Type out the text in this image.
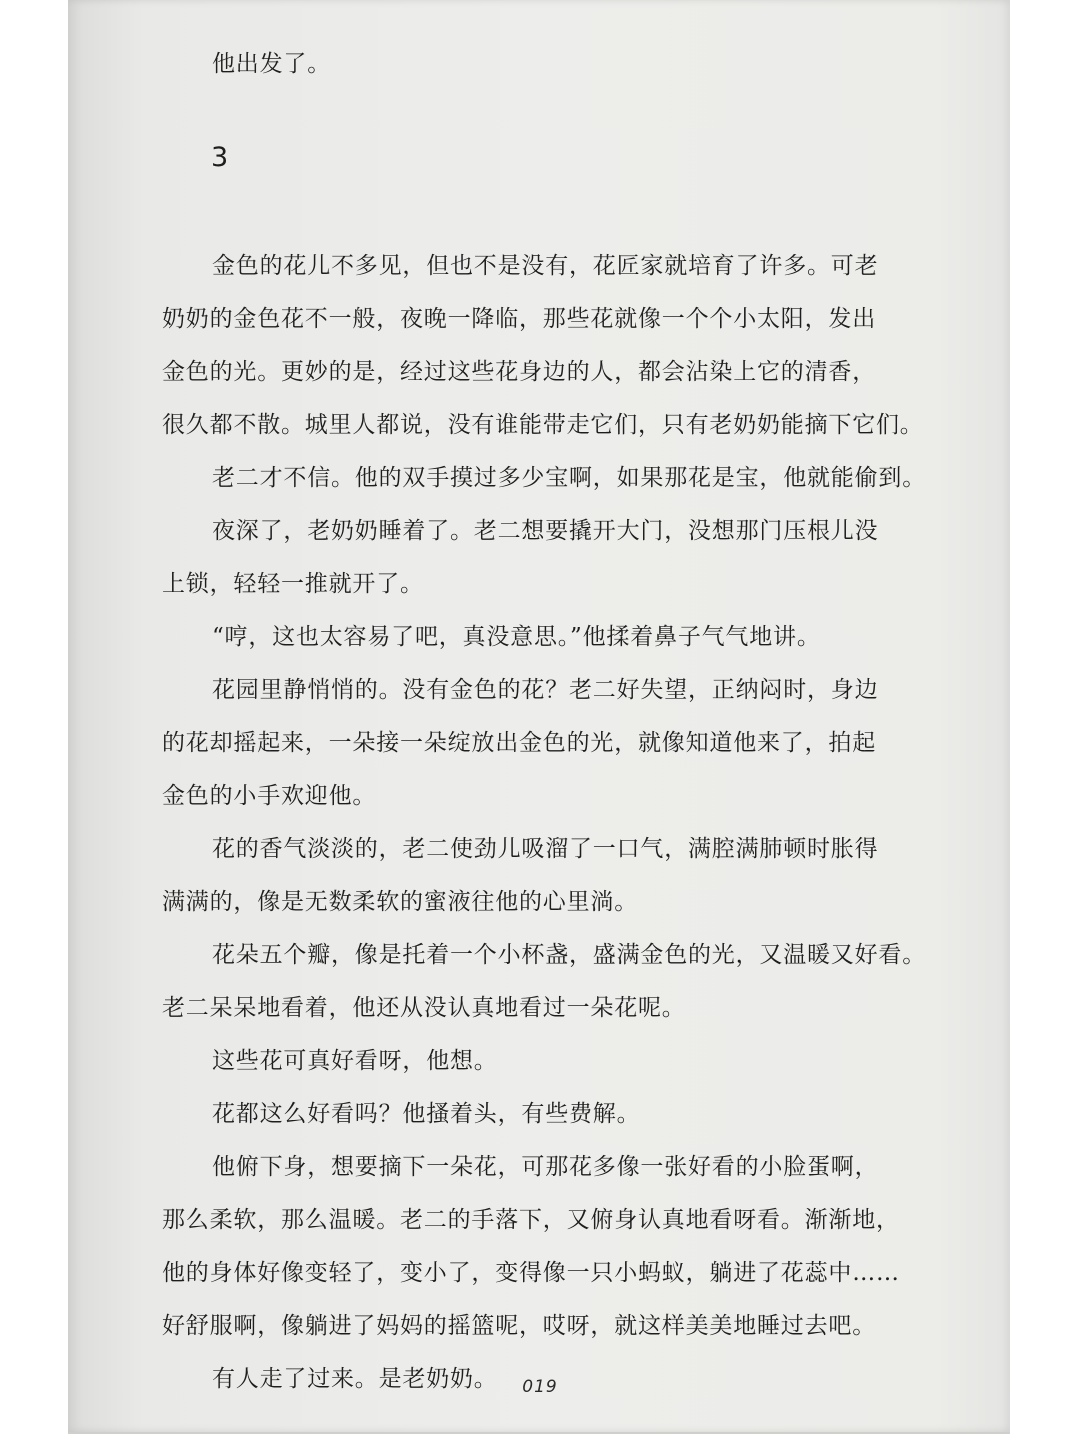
他出发了。
3
金色的花儿不多见，但也不是没有，花匠家就培育了许多。可老
奶奶的金色花不一般，夜晚一降临，那些花就像一个个小太阳，发出
金色的光。更妙的是，经过这些花身边的人，都会沾染上它的清香，
很久都不散。城里人都说，没有谁能带走它们，只有老奶奶能摘下它们。
老二才不信。他的双手摸过多少宝啊，如果那花是宝，他就能偷到。
夜深了，老奶奶睡着了。老二想要撬开大门，没想那门压根儿没
上锁，轻轻一推就开了。
“哼，这也太容易了吧，真没意思。”他揉着鼻子气气地讲。
花园里静悄悄的。没有金色的花？老二好失望，正纳闷时，身边
的花却摇起来，一朵接一朵绽放出金色的光，就像知道他来了，拍起
金色的小手欢迎他。
花的香气淡淡的，老二使劲儿吸溜了一口气，满腔满肺顿时胀得
满满的，像是无数柔软的蜜液往他的心里淌。
花朵五个瓣，像是托着一个小杯盏，盛满金色的光，又温暖又好看。
老二呆呆地看着，他还从没认真地看过一朵花呢。
这些花可真好看呀，他想。
花都这么好看吗？他搔着头，有些费解。
他俯下身，想要摘下一朵花，可那花多像一张好看的小脸蛋啊，
那么柔软，那么温暖。老二的手落下，又俯身认真地看呀看。渐渐地，
他的身体好像变轻了，变小了，变得像一只小蚂蚁，躺进了花蕊中……
好舒服啊，像躺进了妈妈的摇篮呢，哎呀，就这样美美地睡过去吧。
有人走了过来。是老奶奶。	019
